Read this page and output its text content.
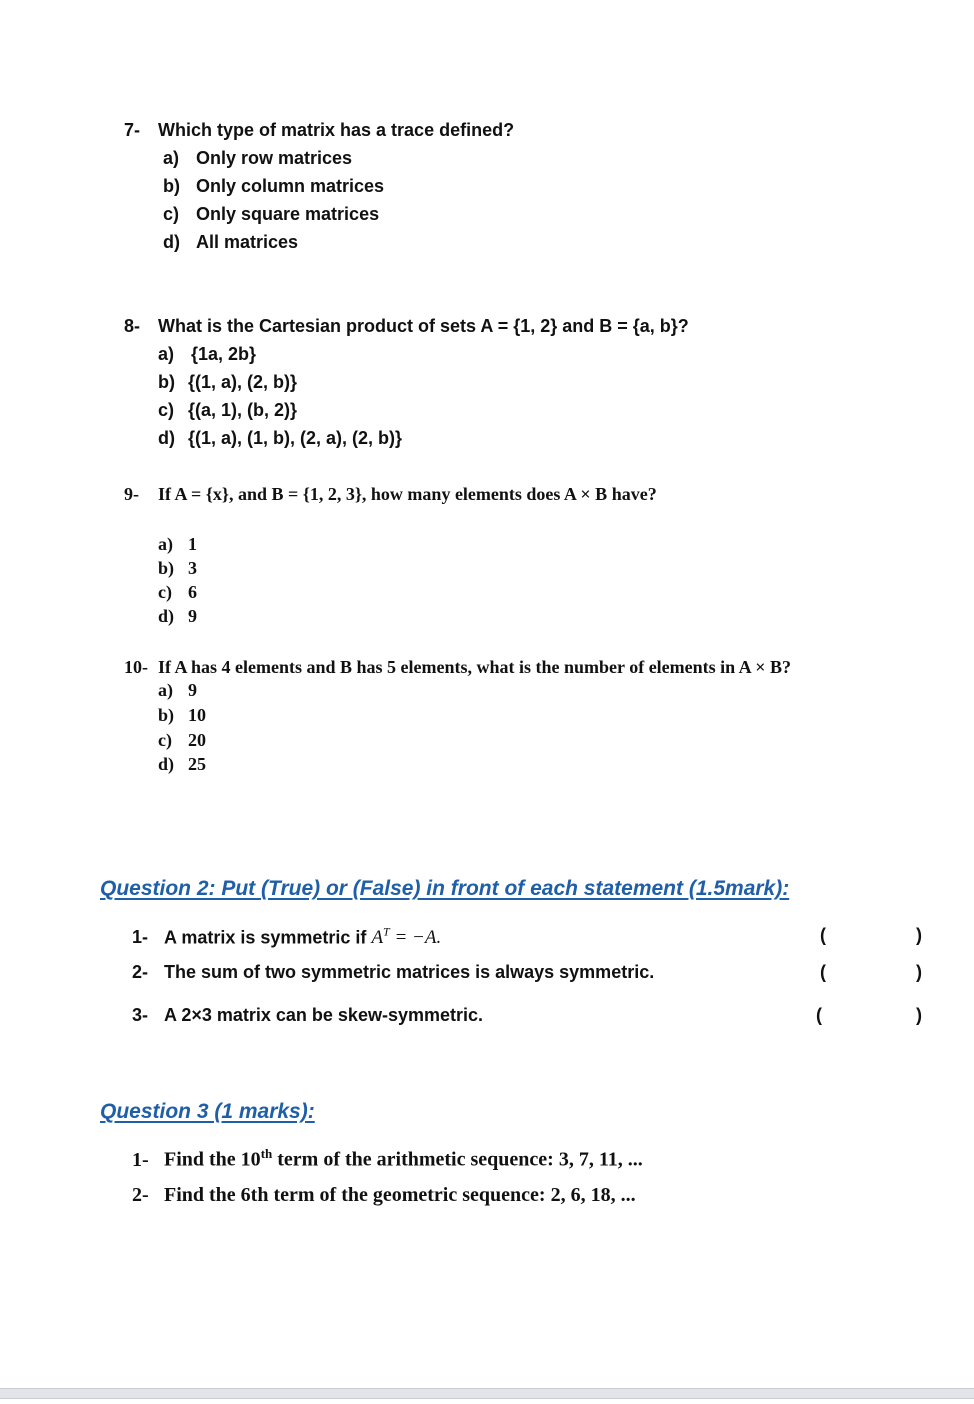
7- Which type of matrix has a trace defined?
a) Only row matrices
b) Only column matrices
c) Only square matrices
d) All matrices
8- What is the Cartesian product of sets A = {1, 2} and B = {a, b}?
a) {1a, 2b}
b) {(1, a), (2, b)}
c) {(a, 1), (b, 2)}
d) {(1, a), (1, b), (2, a), (2, b)}
9- If A = {x}, and B = {1, 2, 3}, how many elements does A × B have?
a) 1
b) 3
c) 6
d) 9
10- If A has 4 elements and B has 5 elements, what is the number of elements in A × B?
a) 9
b) 10
c) 20
d) 25
Question 2: Put (True) or (False) in front of each statement (1.5mark):
1- A matrix is symmetric if $A^T = -A$.	(	)
2- The sum of two symmetric matrices is always symmetric.	(	)
3- A 2×3 matrix can be skew-symmetric.	(	)
Question 3 (1 marks):
1- Find the 10th term of the arithmetic sequence: 3, 7, 11, ...
2- Find the 6th term of the geometric sequence: 2, 6, 18, ...
